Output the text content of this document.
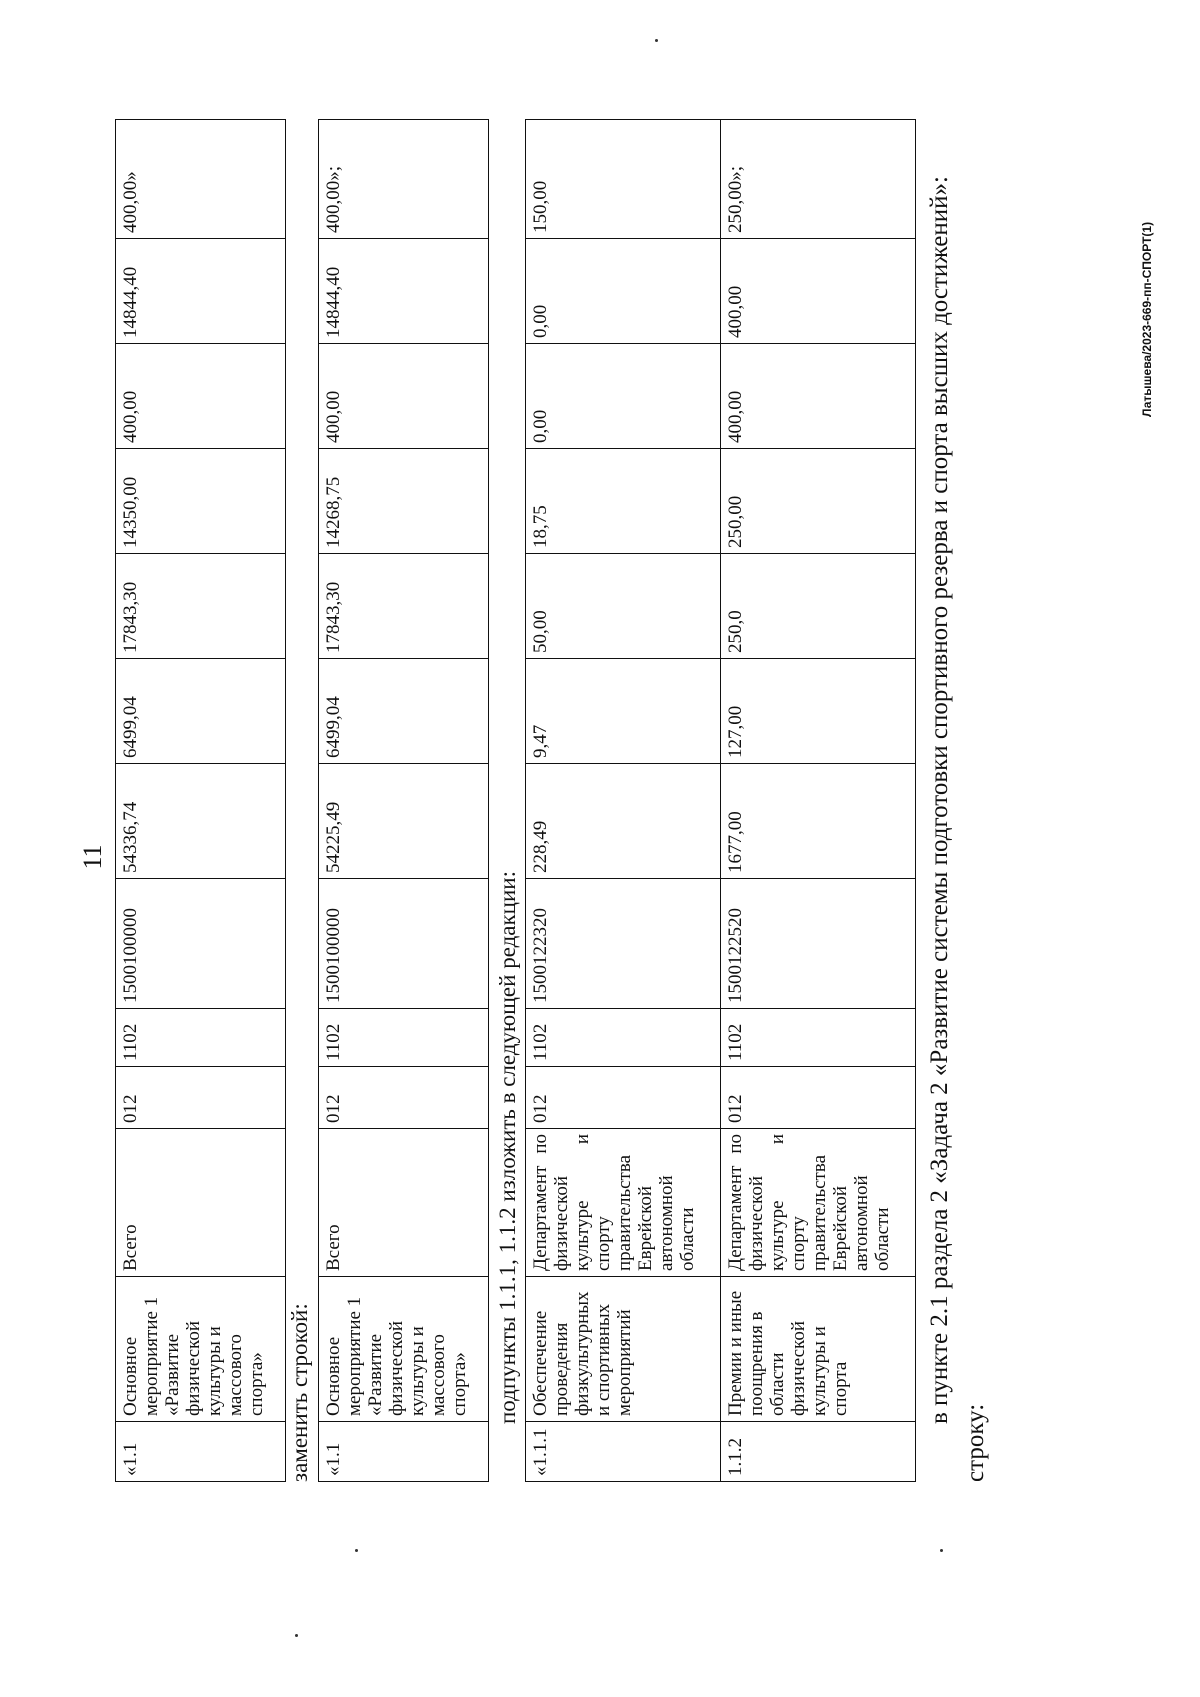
11
«1.1	Основное мероприятие 1 «Развитие физической культуры и массового спорта»	Всего	012	1102	1500100000	54336,74	6499,04	17843,30	14350,00	400,00	14844,40	400,00»
заменить строкой: «1.1	Основное мероприятие 1 «Развитие физической культуры и массового спорта»	Всего	012	1102	1500100000	54225,49	6499,04	17843,30	14268,75	400,00	14844,40	400,00»;
подпункты 1.1.1, 1.1.2 изложить в следующей редакции:
«1.1.1	Обеспечение проведения физкультурных и спортивных мероприятий	Департамент по физической культуре и спорту правительства Еврейской автономной области	012	1102	1500122320	228,49	9,47	50,00	18,75	0,00	0,00	150,00
1.1.2	Премии и иные поощрения в области физической культуры и спорта	Департамент по физической культуре и спорту правительства Еврейской автономной области	012	1102	1500122520	1677,00	127,00	250,0	250,00	400,00	400,00	250,00»;	в пункте 2.1 раздела 2 «Задача 2 «Развитие системы подготовки спортивного резерва и спорта высших достижений»:
строку:
Латышева/2023-669-пп-СПОРТ(1)
